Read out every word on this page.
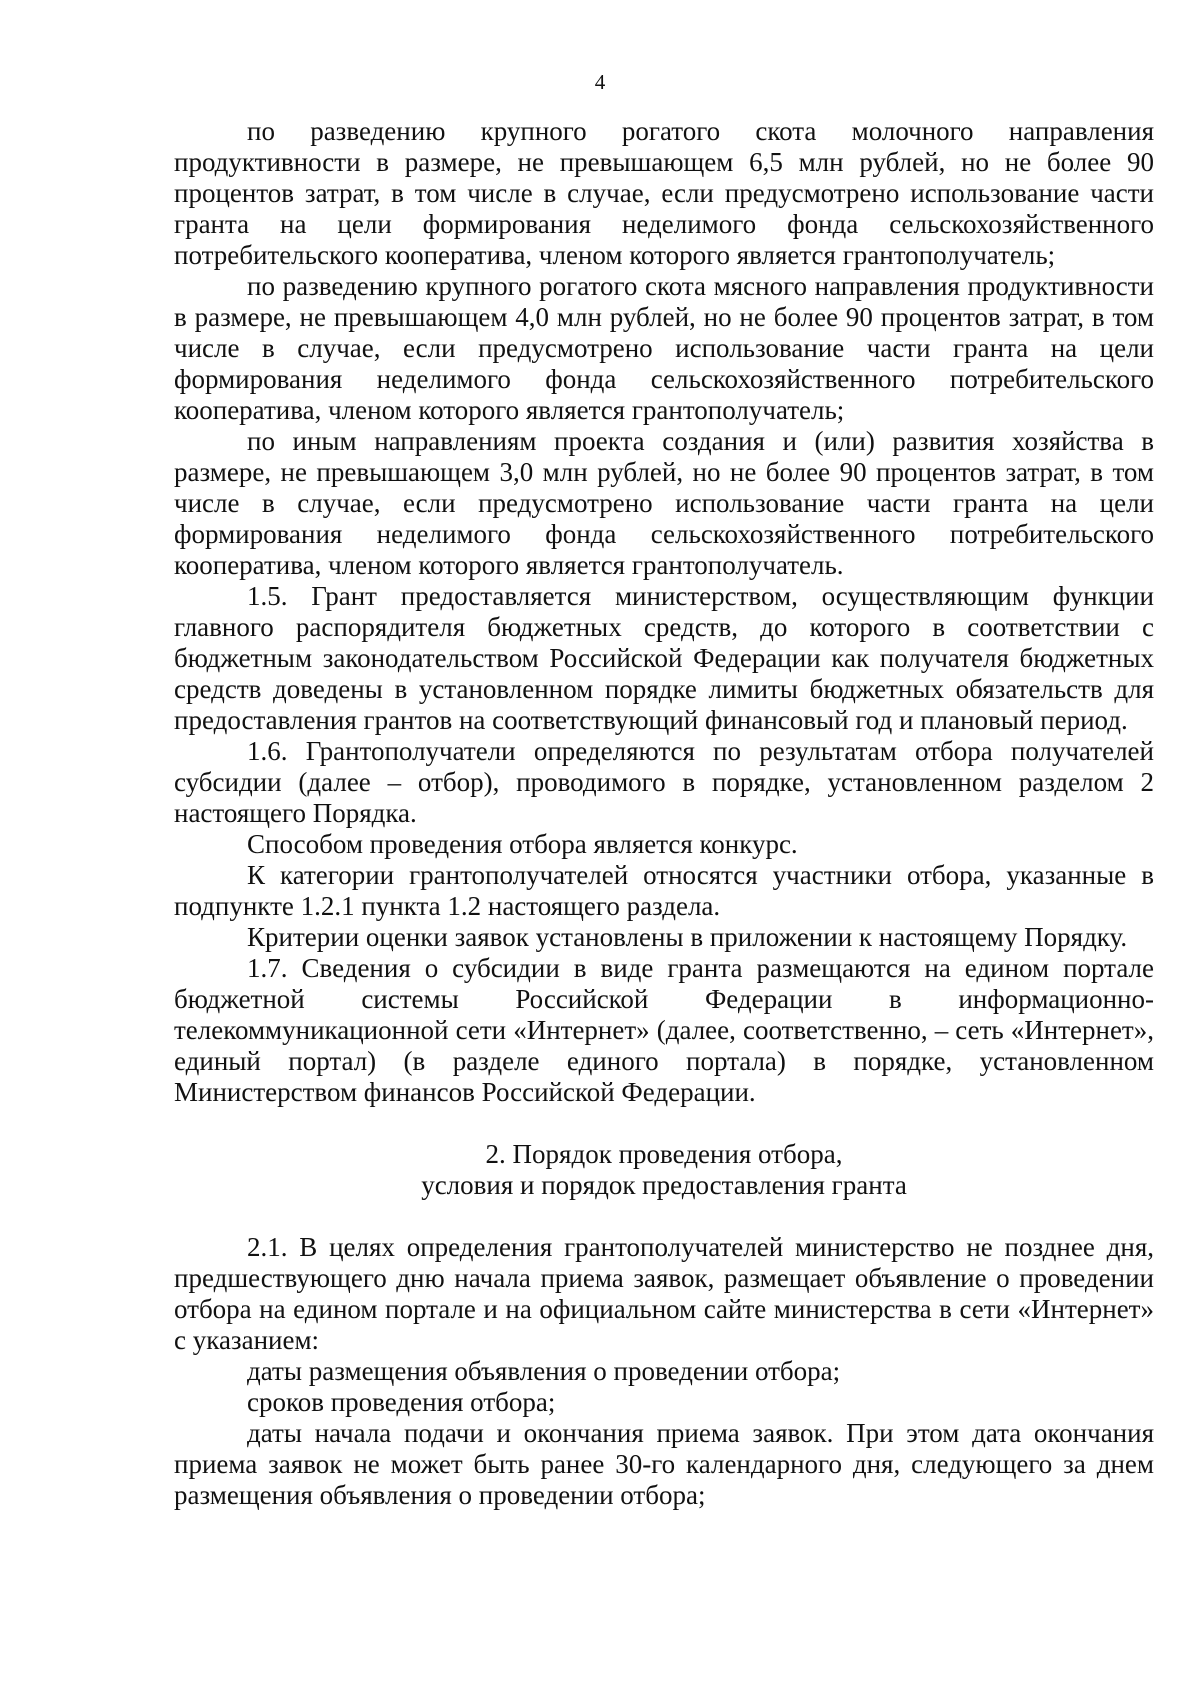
4

по разведению крупного рогатого скота молочного направления продуктивности в размере, не превышающем 6,5 млн рублей, но не более 90 процентов затрат, в том числе в случае, если предусмотрено использование части гранта на цели формирования неделимого фонда сельскохозяйственного потребительского кооператива, членом которого является грантополучатель;

по разведению крупного рогатого скота мясного направления продуктивности в размере, не превышающем 4,0 млн рублей, но не более 90 процентов затрат, в том числе в случае, если предусмотрено использование части гранта на цели формирования неделимого фонда сельскохозяйственного потребительского кооператива, членом которого является грантополучатель;

по иным направлениям проекта создания и (или) развития хозяйства в размере, не превышающем 3,0 млн рублей, но не более 90 процентов затрат, в том числе в случае, если предусмотрено использование части гранта на цели формирования неделимого фонда сельскохозяйственного потребительского кооператива, членом которого является грантополучатель.

1.5. Грант предоставляется министерством, осуществляющим функции главного распорядителя бюджетных средств, до которого в соответствии с бюджетным законодательством Российской Федерации как получателя бюджетных средств доведены в установленном порядке лимиты бюджетных обязательств для предоставления грантов на соответствующий финансовый год и плановый период.

1.6. Грантополучатели определяются по результатам отбора получателей субсидии (далее – отбор), проводимого в порядке, установленном разделом 2 настоящего Порядка.

Способом проведения отбора является конкурс.

К категории грантополучателей относятся участники отбора, указанные в подпункте 1.2.1 пункта 1.2 настоящего раздела.

Критерии оценки заявок установлены в приложении к настоящему Порядку.

1.7. Сведения о субсидии в виде гранта размещаются на едином портале бюджетной системы Российской Федерации в информационно-телекоммуникационной сети «Интернет» (далее, соответственно, – сеть «Интернет», единый портал) (в разделе единого портала) в порядке, установленном Министерством финансов Российской Федерации.

2. Порядок проведения отбора,
условия и порядок предоставления гранта

2.1. В целях определения грантополучателей министерство не позднее дня, предшествующего дню начала приема заявок, размещает объявление о проведении отбора на едином портале и на официальном сайте министерства в сети «Интернет» с указанием:

даты размещения объявления о проведении отбора;

сроков проведения отбора;

даты начала подачи и окончания приема заявок. При этом дата окончания приема заявок не может быть ранее 30-го календарного дня, следующего за днем размещения объявления о проведении отбора;
